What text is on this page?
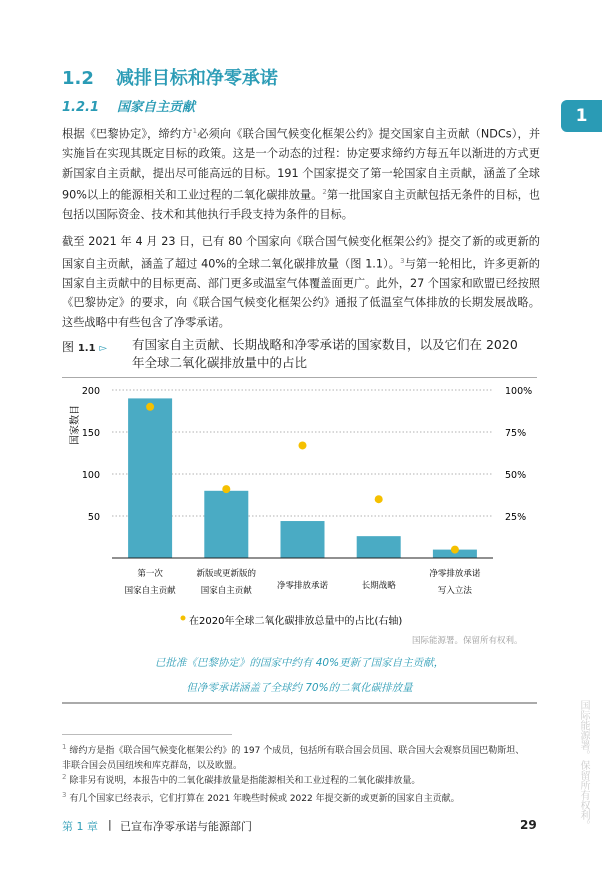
1.2 减排目标和净零承诺
1.2.1 国家自主贡献	1

根据《巴黎协定》，缔约方$^1$必须向《联合国气候变化框架公约》提交国家自主贡献（NDCs），并实施旨在实现其既定目标的政策。这是一个动态的过程：协定要求缔约方每五年以渐进的方式更新国家自主贡献，提出尽可能高远的目标。191 个国家提交了第一轮国家自主贡献，涵盖了全球 90%以上的能源相关和工业过程的二氧化碳排放量。$^2$第一批国家自主贡献包括无条件的目标，也包括以国际资金、技术和其他执行手段支持为条件的目标。

截至 2021 年 4 月 23 日，已有 80 个国家向《联合国气候变化框架公约》提交了新的或更新的国家自主贡献，涵盖了超过 40%的全球二氧化碳排放量（图 1.1）。$^3$与第一轮相比，许多更新的国家自主贡献中的目标更高、部门更多或温室气体覆盖面更广。此外，27 个国家和欧盟已经按照《巴黎协定》的要求，向《联合国气候变化框架公约》通报了低温室气体排放的长期发展战略。这些战略中有些包含了净零承诺。

图 1.1 ▻ 有国家自主贡献、长期战略和净零承诺的国家数目，以及它们在 2020 年全球二氧化碳排放量中的占比
200	100%
150	75%
100	50%
50	25%
国家数目
第一次
国家自主贡献
新版或更新版的
国家自主贡献	净零排放承诺	长期战略
净零排放承诺
写入立法
在2020年全球二氧化碳排放总量中的占比(右轴)
国际能源署。保留所有权利。
已批准《巴黎协定》的国家中约有 40%更新了国家自主贡献，
但净零承诺涵盖了全球约 70%的二氧化碳排放量
$^1$ 缔约方是指《联合国气候变化框架公约》的 197 个成员，包括所有联合国会员国、联合国大会观察员国巴勒斯坦、非联合国会员国纽埃和库克群岛，以及欧盟。
$^2$ 除非另有说明，本报告中的二氧化碳排放量是指能源相关和工业过程的二氧化碳排放量。
$^3$ 有几个国家已经表示，它们打算在 2021 年晚些时候或 2022 年提交新的或更新的国家自主贡献。
第 1 章 | 已宣布净零承诺与能源部门	29	国际能源署。保留所有权利。
